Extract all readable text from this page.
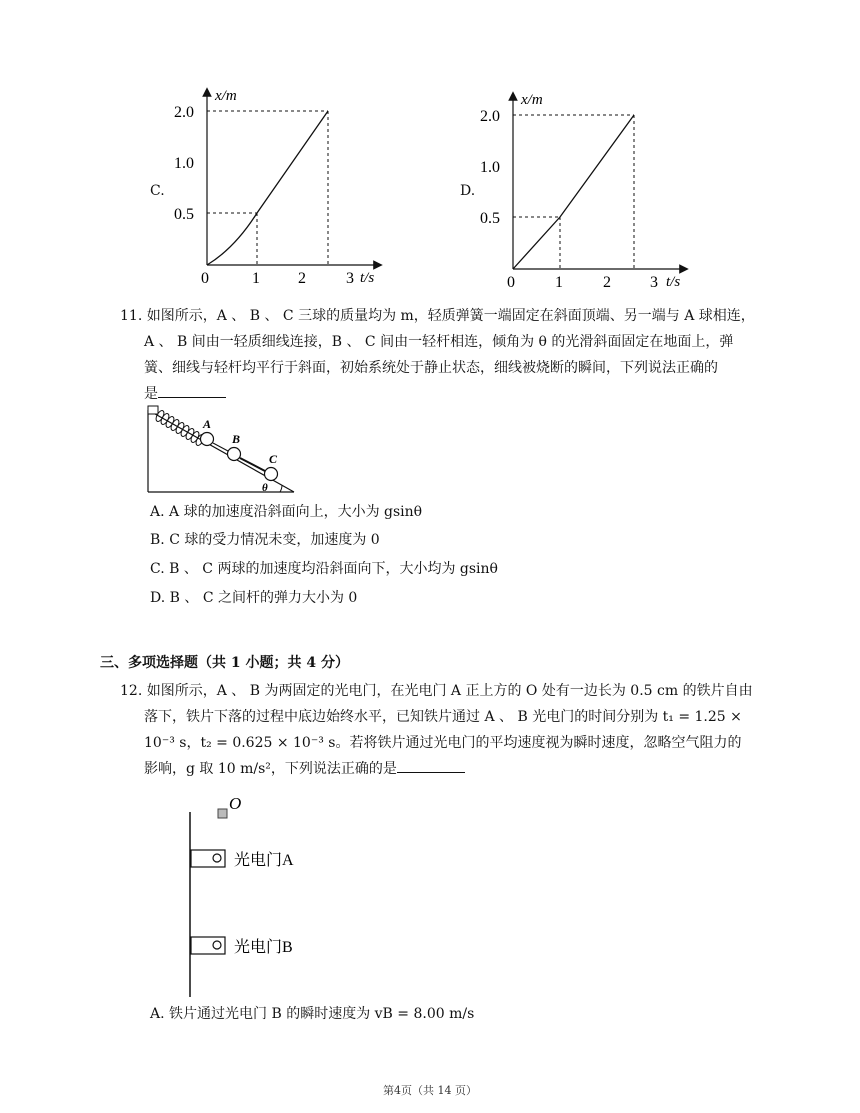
C.
x/m
t/s
2.0
1.0
0.5
0	1 2	3
D.
x/m
t/s
2.0
1.0
0.5
0	1	2 3
11. 如图所示，A 、 B 、 C 三球的质量均为 m，轻质弹簧一端固定在斜面顶端、另一端与 A 球相连，
A 、 B 间由一轻质细线连接，B 、 C 间由一轻杆相连，倾角为 θ 的光滑斜面固定在地面上，弹
簧、细线与轻杆均平行于斜面，初始系统处于静止状态，细线被烧断的瞬间，下列说法正确的
是
A
B
C
θ
A. A 球的加速度沿斜面向上，大小为 gsinθ
B. C 球的受力情况未变，加速度为 0
C. B 、 C 两球的加速度均沿斜面向下，大小均为 gsinθ
D. B 、 C 之间杆的弹力大小为 0
三、多项选择题（共 1 小题；共 4 分）
12. 如图所示，A 、 B 为两固定的光电门，在光电门 A 正上方的 O 处有一边长为 0.5 cm 的铁片自由
落下，铁片下落的过程中底边始终水平，已知铁片通过 A 、 B 光电门的时间分别为 t₁ = 1.25 ×
10⁻³ s，t₂ = 0.625 × 10⁻³ s。若将铁片通过光电门的平均速度视为瞬时速度，忽略空气阻力的
影响，g 取 10 m/s²，下列说法正确的是
O
光电门A
光电门B
A. 铁片通过光电门 B 的瞬时速度为 vB = 8.00 m/s
第4页（共 14 页）
